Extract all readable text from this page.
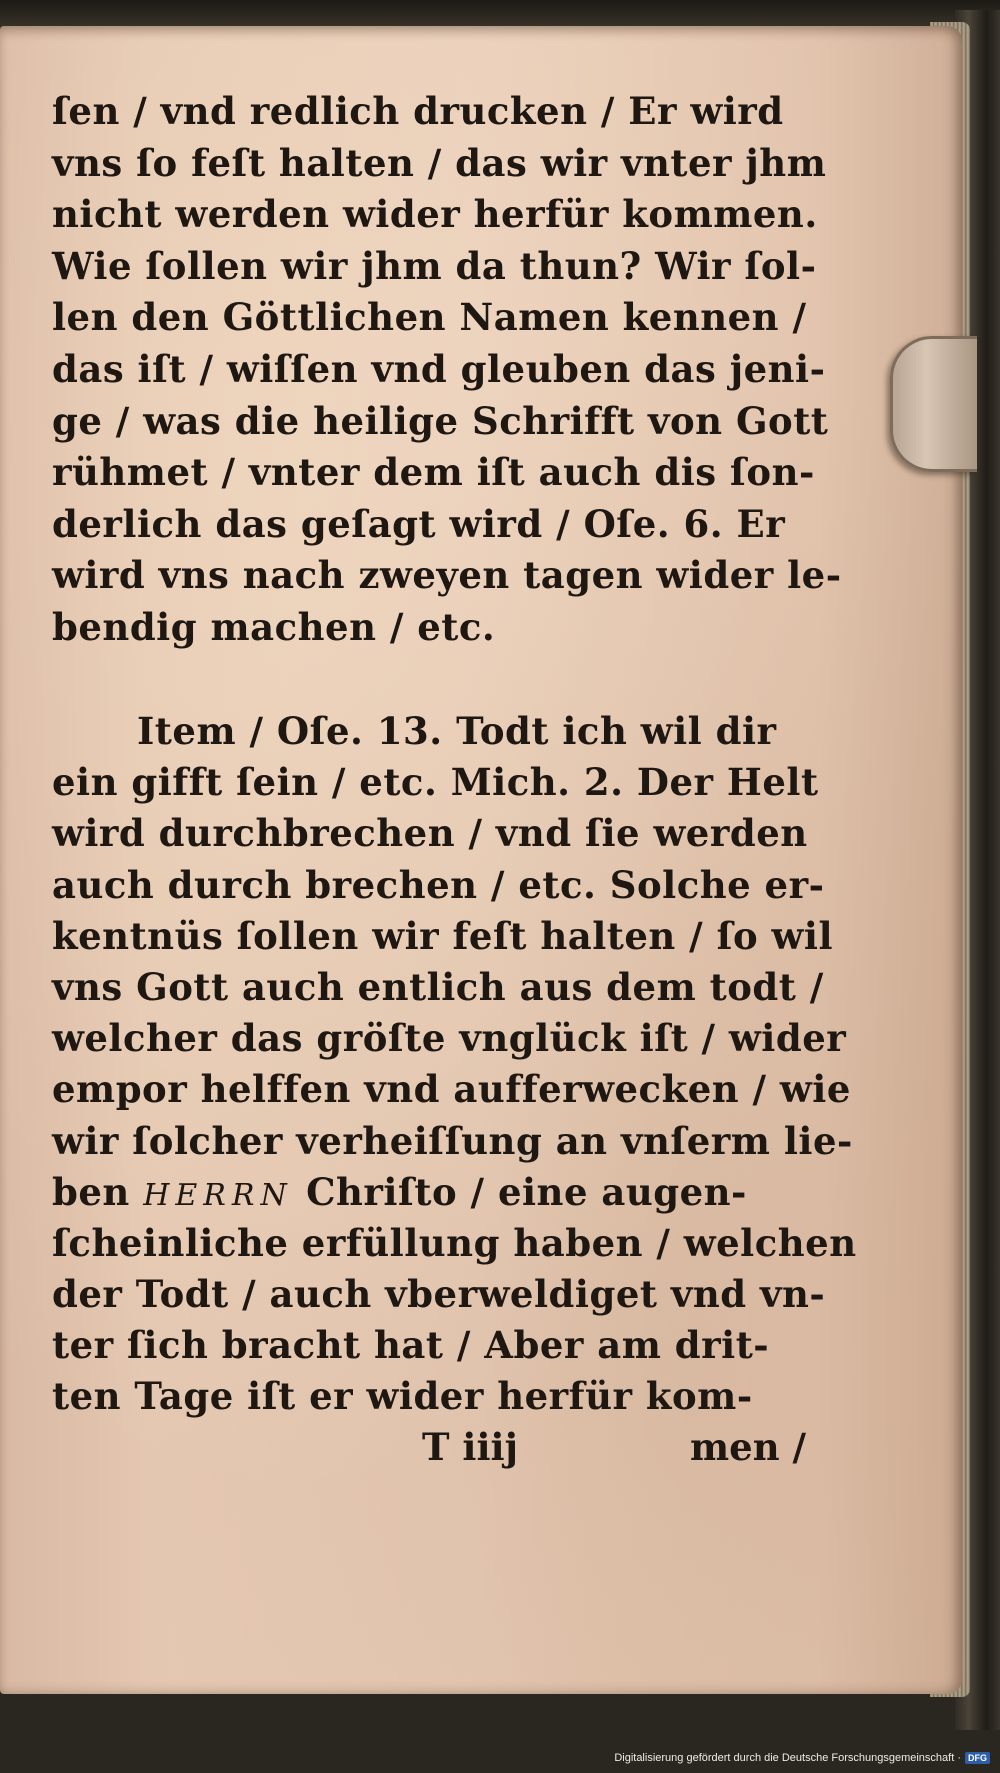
ſen / vnd redlich drucken / Er wird
vns ſo feſt halten / das wir vnter jhm
nicht werden wider herfür kommen.
Wie ſollen wir jhm da thun? Wir ſol-
len den Göttlichen Namen kennen /
das iſt / wiſſen vnd gleuben das jeni-
ge / was die heilige Schrifft von Gott
rühmet / vnter dem iſt auch dis ſon-
derlich das geſagt wird / Oſe. 6. Er
wird vns nach zweyen tagen wider le-
bendig machen / etc.
Item / Oſe. 13. Todt ich wil dir
ein gifft ſein / etc. Mich. 2. Der Helt
wird durchbrechen / vnd ſie werden
auch durch brechen / etc. Solche er-
kentnüs ſollen wir feſt halten / ſo wil
vns Gott auch entlich aus dem todt /
welcher das gröſte vnglück iſt / wider
empor helffen vnd aufferwecken / wie
wir ſolcher verheiſſung an vnſerm lie-
ben HERRN Chriſto / eine augen-
ſcheinliche erfüllung haben / welchen
der Todt / auch vberweldiget vnd vn-
ter ſich bracht hat / Aber am drit-
ten Tage iſt er wider herfür kom-
T iiij	men /
Digitalisierung gefördert durch die Deutsche Forschungsgemeinschaft · DFG
